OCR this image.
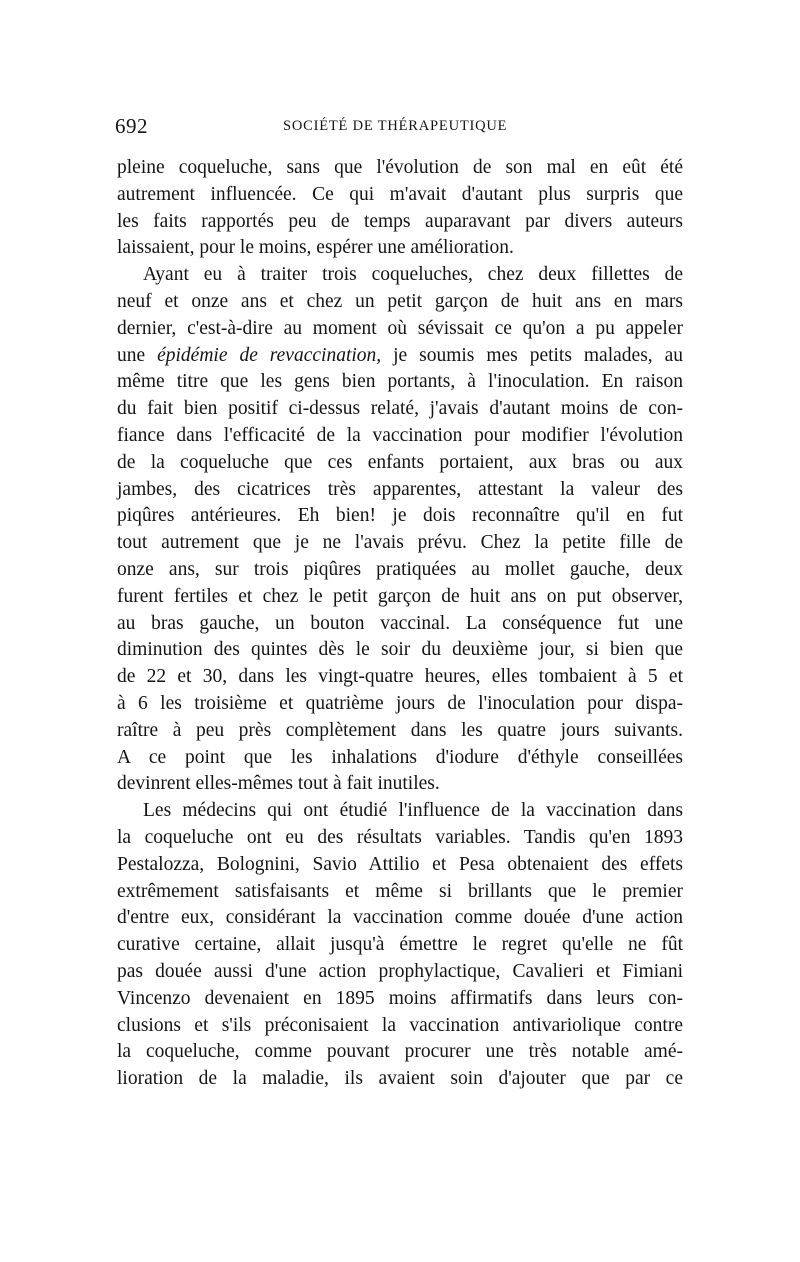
692	SOCIÉTÉ DE THÉRAPEUTIQUE
pleine coqueluche, sans que l'évolution de son mal en eût été
autrement influencée. Ce qui m'avait d'autant plus surpris que
les faits rapportés peu de temps auparavant par divers auteurs
laissaient, pour le moins, espérer une amélioration.
Ayant eu à traiter trois coqueluches, chez deux fillettes de
neuf et onze ans et chez un petit garçon de huit ans en mars
dernier, c'est-à-dire au moment où sévissait ce qu'on a pu appeler
une épidémie de revaccination, je soumis mes petits malades, au
même titre que les gens bien portants, à l'inoculation. En raison
du fait bien positif ci-dessus relaté, j'avais d'autant moins de con-
fiance dans l'efficacité de la vaccination pour modifier l'évolution
de la coqueluche que ces enfants portaient, aux bras ou aux
jambes, des cicatrices très apparentes, attestant la valeur des
piqûres antérieures. Eh bien! je dois reconnaître qu'il en fut
tout autrement que je ne l'avais prévu. Chez la petite fille de
onze ans, sur trois piqûres pratiquées au mollet gauche, deux
furent fertiles et chez le petit garçon de huit ans on put observer,
au bras gauche, un bouton vaccinal. La conséquence fut une
diminution des quintes dès le soir du deuxième jour, si bien que
de 22 et 30, dans les vingt-quatre heures, elles tombaient à 5 et
à 6 les troisième et quatrième jours de l'inoculation pour dispa-
raître à peu près complètement dans les quatre jours suivants.
A ce point que les inhalations d'iodure d'éthyle conseillées
devinrent elles-mêmes tout à fait inutiles.
Les médecins qui ont étudié l'influence de la vaccination dans
la coqueluche ont eu des résultats variables. Tandis qu'en 1893
Pestalozza, Bolognini, Savio Attilio et Pesa obtenaient des effets
extrêmement satisfaisants et même si brillants que le premier
d'entre eux, considérant la vaccination comme douée d'une action
curative certaine, allait jusqu'à émettre le regret qu'elle ne fût
pas douée aussi d'une action prophylactique, Cavalieri et Fimiani
Vincenzo devenaient en 1895 moins affirmatifs dans leurs con-
clusions et s'ils préconisaient la vaccination antivariolique contre
la coqueluche, comme pouvant procurer une très notable amé-
lioration de la maladie, ils avaient soin d'ajouter que par ce
